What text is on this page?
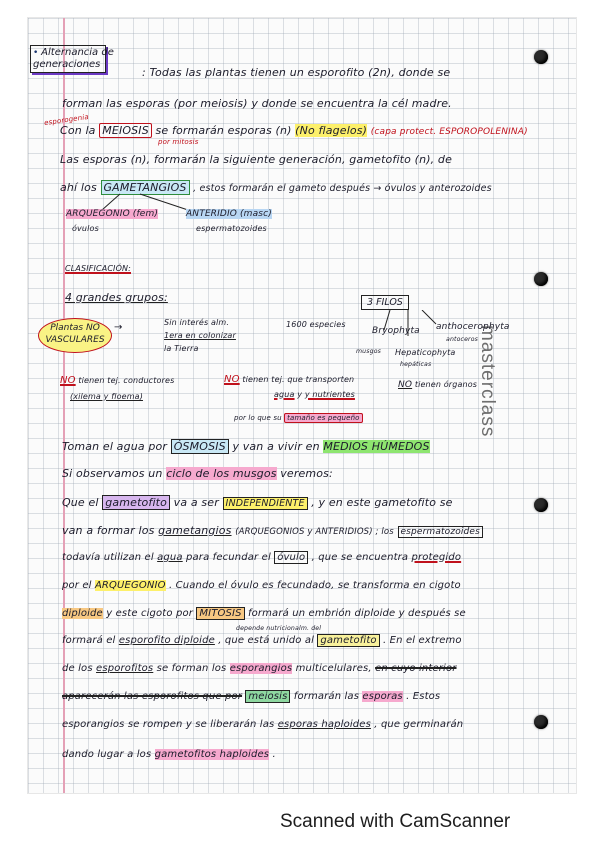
masterclass
Scanned with CamScanner
• Alternancia de
generaciones
: Todas las plantas tienen un esporofito (2n), donde se
forman las esporas (por meiosis) y donde se encuentra la cél madre.
esporogenia
Con la MEIOSIS se formarán esporas (n) (No flagelos) (capa protect. ESPOROPOLENINA)
por mitosis
Las esporas (n), formarán la siguiente generación, gametofito (n), de
ahí los GAMETANGIOS , estos formarán el gameto después → óvulos y anterozoides
ARQUEGONIO (fem)	ANTERIDIO (masc)
óvulos	espermatozoides
CLASIFICACIÓN:
4 grandes grupos:	3 FILOS
Plantas NO
VASCULARES
→	Sin interés alm.
1era en colonizar
la Tierra
1600 especies
Bryophyta anthocerophyta
antoceros
musgos Hepaticophyta
hepáticas
NO tienen tej. conductores
(xilema y floema)
NO tienen tej. que transporten
agua y y nutrientes
por lo que su tamaño es pequeño
NO tienen órganos
Toman el agua por ÓSMOSIS y van a vivir en MEDIOS HÚMEDOS
Si observamos un ciclo de los musgos veremos:
Que el gametofito va a ser INDEPENDIENTE , y en este gametofito se
van a formar los gametangios (ARQUEGONIOS y ANTERIDIOS) ; los espermatozoides
todavía utilizan el agua para fecundar el óvulo , que se encuentra protegido
por el ARQUEGONIO . Cuando el óvulo es fecundado, se transforma en cigoto
diploide y este cigoto por MITOSIS formará un embrión diploide y después se
depende nutricionalm. del
formará el esporofito diploide , que está unido al gametofito . En el extremo
de los esporofitos se forman los esporangios multicelulares, en cuyo interior
aparecerán las esporofitos que por meiosis formarán las esporas . Estos
esporangios se rompen y se liberarán las esporas haploides , que germinarán
dando lugar a los gametofitos haploides .
